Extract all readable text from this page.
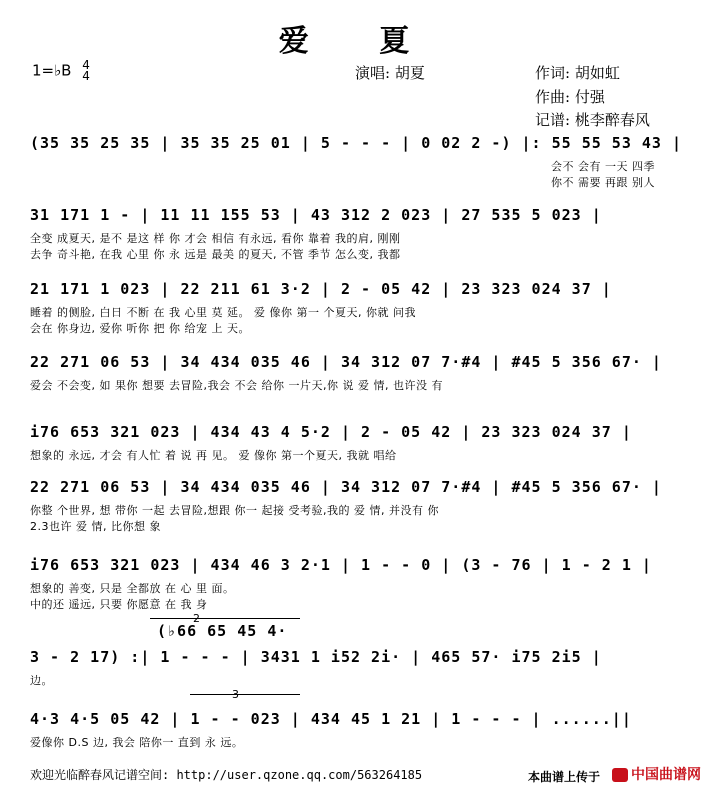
爱 夏
1=♭B 4
4	演唱: 胡夏	作词: 胡如虹
作曲: 付强
记谱: 桃李醉春风
(35 35 25 35 | 35 35 25 01 | 5 - - - | 0 02 2 -) |: 55 55 53 43 |
会不 会有 一天 四季
你不 需要 再跟 别人
31 171 1 - | 11 11 155 53 | 43 312 2 023 | 27 535 5 023 |
全变 成夏天, 是不 是这 样 你 才会 相信 有永远, 看你 靠着 我的肩, 刚刚
去争 奇斗艳, 在我 心里 你 永 远是 最美 的夏天, 不管 季节 怎么变, 我都
21 171 1 023 | 22 211 61 3·2 | 2 - 05 42 | 23 323 024 37 |
睡着 的侧脸, 白日 不断 在 我 心里 莫 延。 爱 像你 第一 个夏天, 你就 问我
会在 你身边, 爱你 听你 把 你 给宠 上 天。
22 271 06 53 | 34 434 035 46 | 34 312 07 7·#4 | #45 5 356 67· |
爱会 不会变, 如 果你 想要 去冒险,我会 不会 给你 一片天,你 说 爱 情, 也许没 有
i76 653 321 023 | 434 43 4 5·2 | 2 - 05 42 | 23 323 024 37 |
想象的 永远, 才会 有人忙 着 说 再 见。 爱 像你 第一个夏天, 我就 唱给
22 271 06 53 | 34 434 035 46 | 34 312 07 7·#4 | #45 5 356 67· |
你整 个世界, 想 带你 一起 去冒险,想跟 你一 起接 受考验,我的 爱 情, 并没有 你
2.3也许 爱 情, 比你想 象
i76 653 321 023 | 434 46 3 2·1 | 1 - - 0 | (3 - 76 | 1 - 2 1 |
想象的 善变, 只是 全都放 在 心 里 面。
中的还 遥远, 只要 你愿意 在 我 身
3 - 2 17) :| 1 - - - | 3431 1 i52 2i· | 465 57· i75 2i5 |
边。
4·3 4·5 05 42 | 1 - - 023 | 434 45 1 21 | 1 - - - | ......||
爱像你 D.S 边, 我会 陪你一 直到 永 远。
(♭66 65 45 4·
欢迎光临醉春风记谱空间: http://user.qzone.qq.com/563264185	本曲谱上传于	中国曲谱网
